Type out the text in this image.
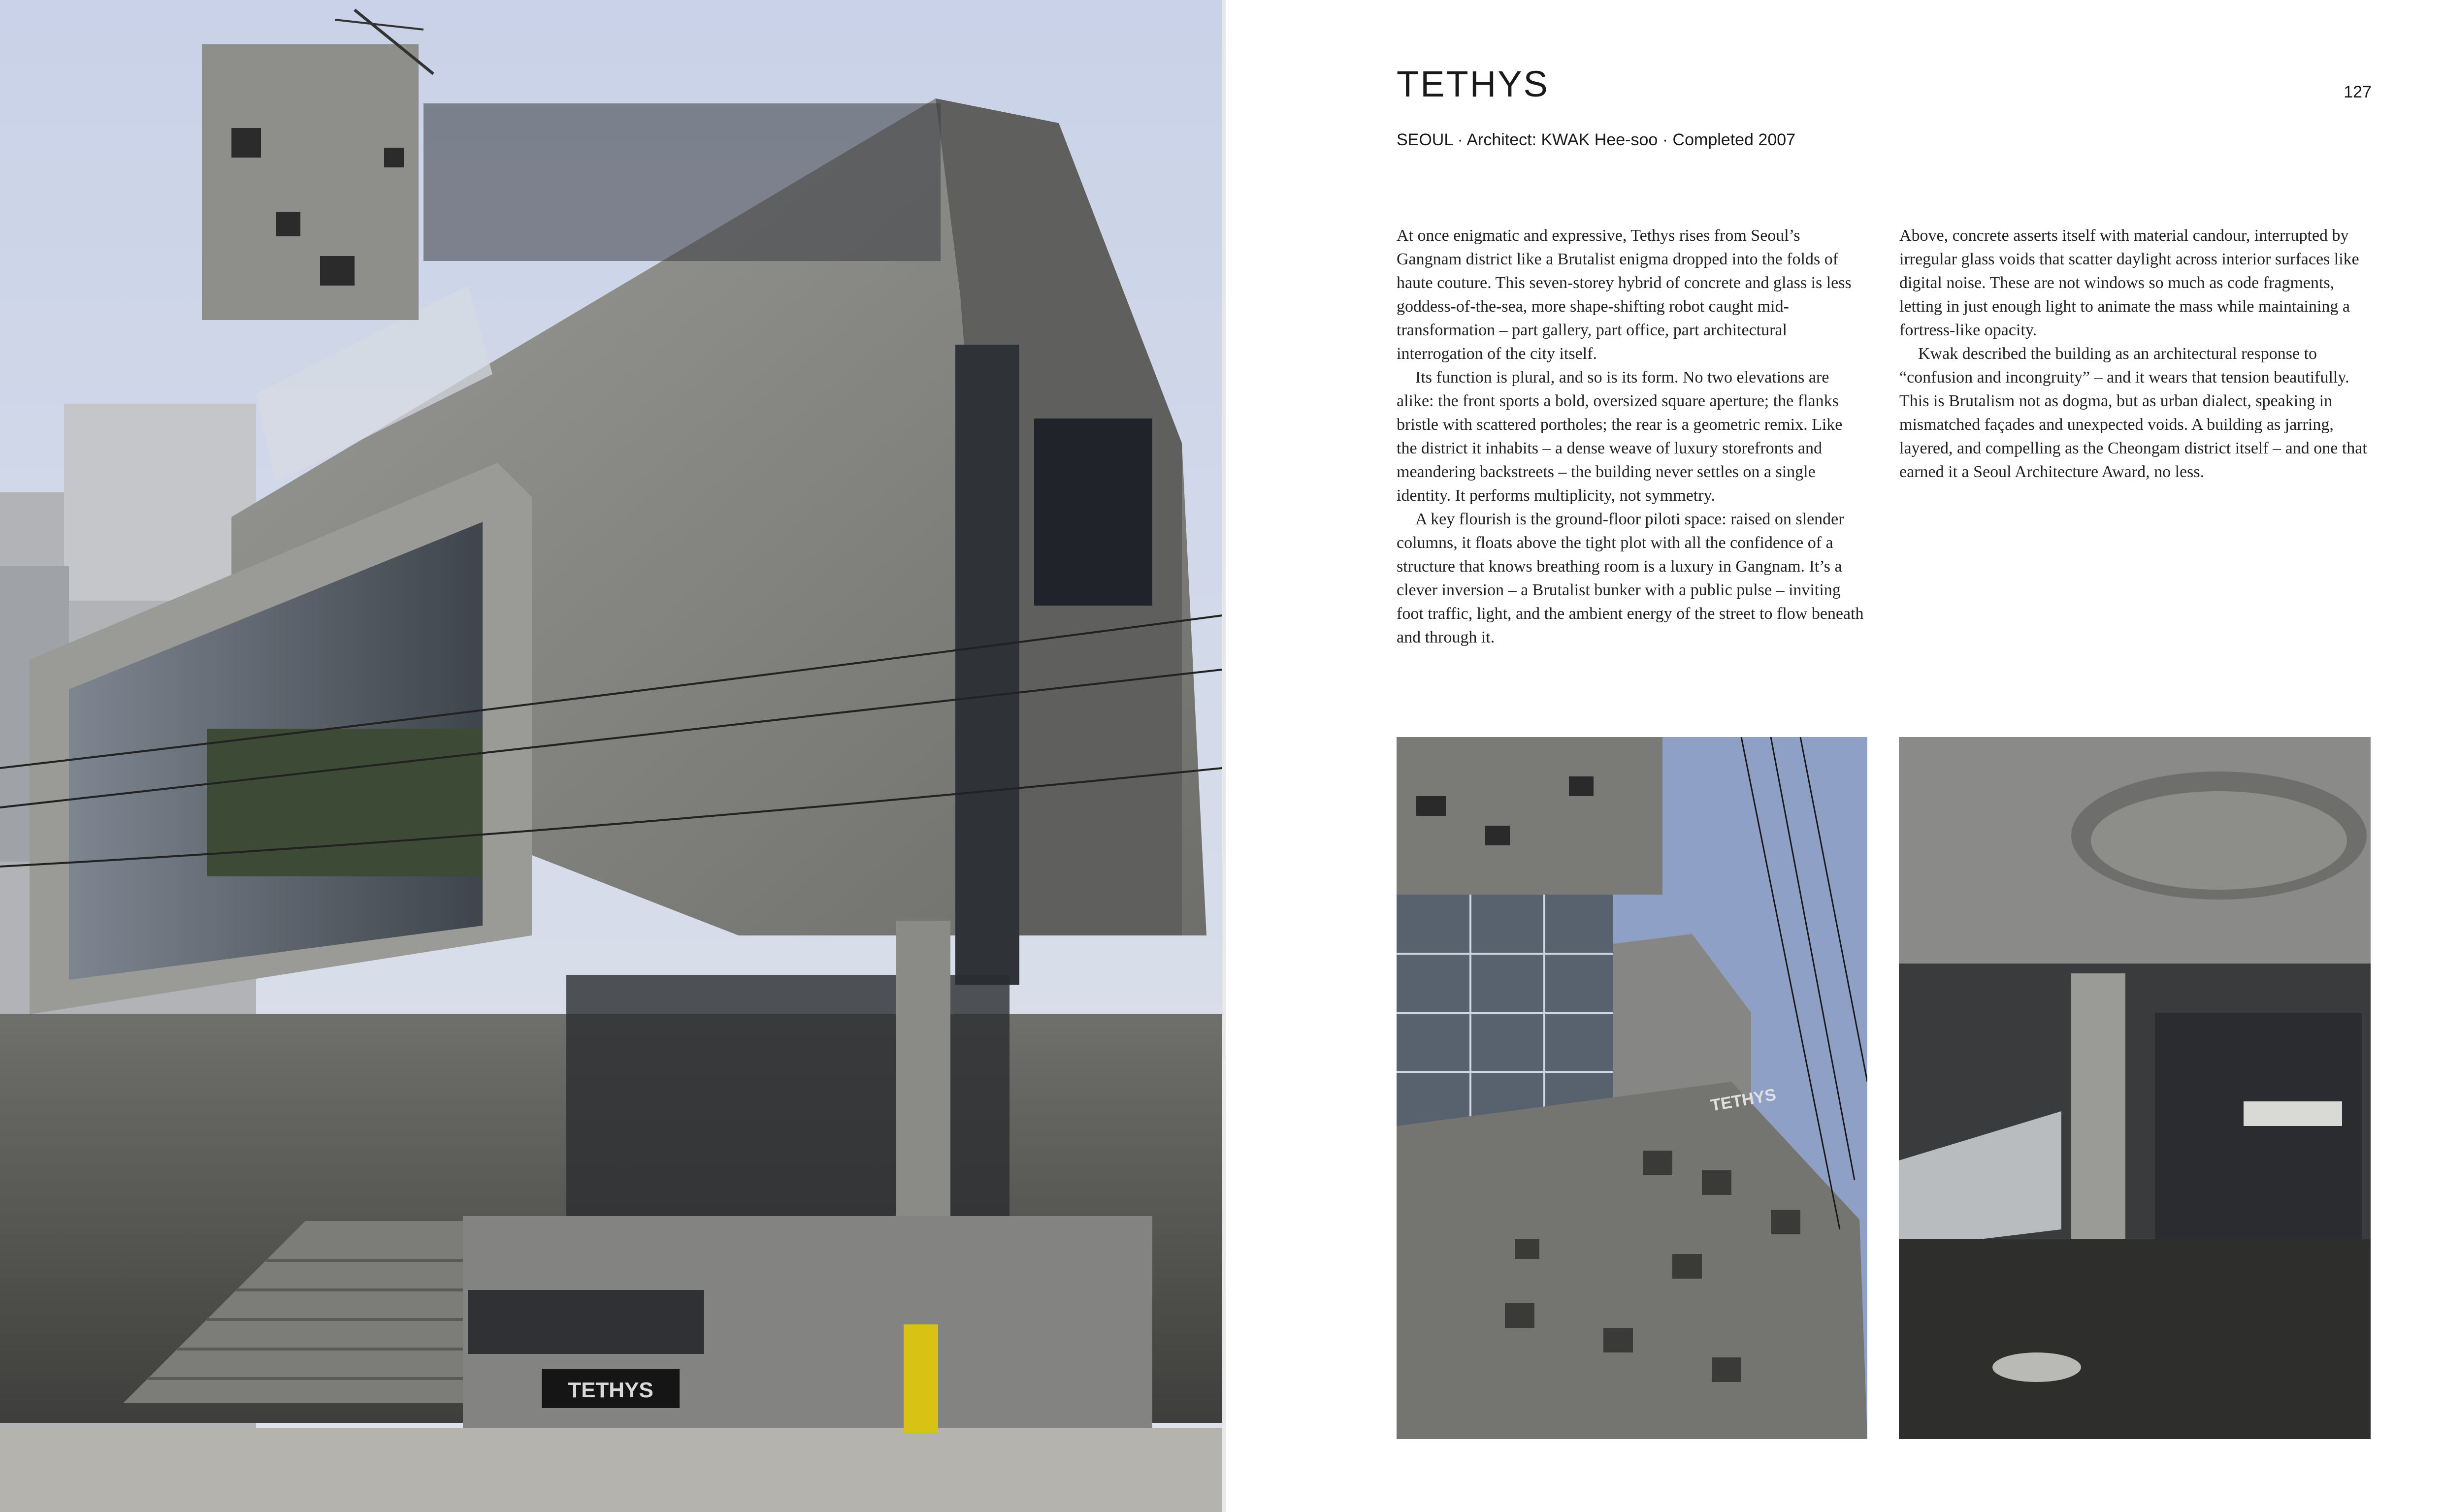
TETHYS
TETHYS	127
SEOUL · Architect: KWAK Hee-soo · Completed 2007

At once enigmatic and expressive, Tethys rises from Seoul’s Gangnam district like a Brutalist enigma dropped into the folds of haute couture. This seven-storey hybrid of concrete and glass is less goddess-of-the-sea, more shape-shifting robot caught mid-transformation – part gallery, part office, part architectural interrogation of the city itself.

Its function is plural, and so is its form. No two elevations are alike: the front sports a bold, oversized square aperture; the flanks bristle with scattered portholes; the rear is a geometric remix. Like the district it inhabits – a dense weave of luxury storefronts and meandering backstreets – the building never settles on a single identity. It performs multiplicity, not symmetry.

A key flourish is the ground-floor piloti space: raised on slender columns, it floats above the tight plot with all the confidence of a structure that knows breathing room is a luxury in Gangnam. It’s a clever inversion – a Brutalist bunker with a public pulse – inviting foot traffic, light, and the ambient energy of the street to flow beneath and through it.

Above, concrete asserts itself with material candour, interrupted by irregular glass voids that scatter daylight across interior surfaces like digital noise. These are not windows so much as code fragments, letting in just enough light to animate the mass while maintaining a fortress-like opacity.

Kwak described the building as an architectural response to “confusion and incongruity” – and it wears that tension beautifully. This is Brutalism not as dogma, but as urban dialect, speaking in mismatched façades and unexpected voids. A building as jarring, layered, and compelling as the Cheongam district itself – and one that earned it a Seoul Architecture Award, no less.

TETHYS
